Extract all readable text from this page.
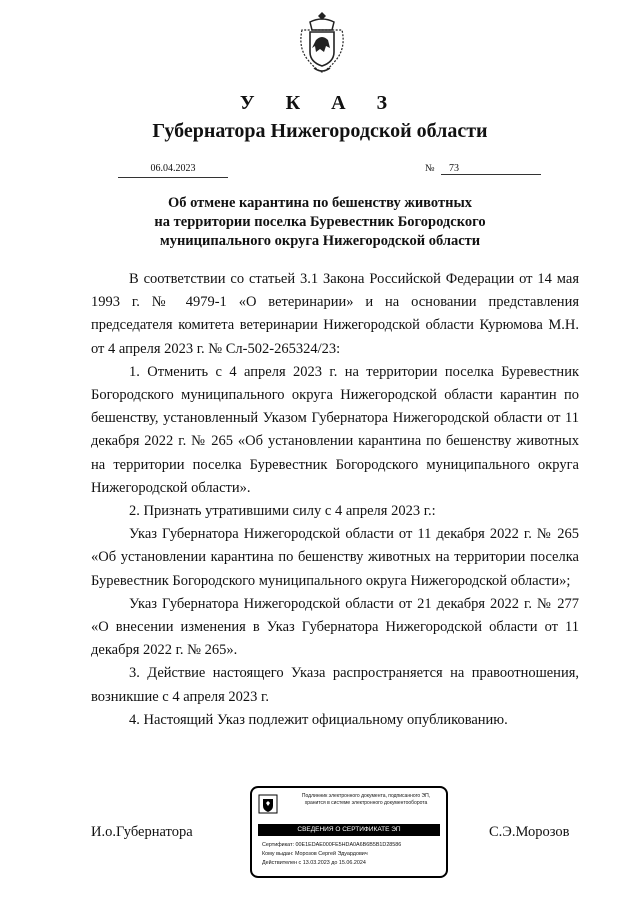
У К А З
Губернатора Нижегородской области
06.04.2023	№ 73
Об отмене карантина по бешенству животных
на территории поселка Буревестник Богородского
муниципального округа Нижегородской области

В соответствии со статьей 3.1 Закона Российской Федерации от 14 мая 1993 г. № 4979-1 «О ветеринарии» и на основании представления председателя комитета ветеринарии Нижегородской области Курюмова М.Н. от 4 апреля 2023 г. № Сл-502-265324/23:

1. Отменить с 4 апреля 2023 г. на территории поселка Буревестник Богородского муниципального округа Нижегородской области карантин по бешенству, установленный Указом Губернатора Нижегородской области от 11 декабря 2022 г. № 265 «Об установлении карантина по бешенству животных на территории поселка Буревестник Богородского муниципального округа Нижегородской области».

2. Признать утратившими силу с 4 апреля 2023 г.:

Указ Губернатора Нижегородской области от 11 декабря 2022 г. № 265 «Об установлении карантина по бешенству животных на территории поселка Буревестник Богородского муниципального округа Нижегородской области»;

Указ Губернатора Нижегородской области от 21 декабря 2022 г. № 277 «О внесении изменения в Указ Губернатора Нижегородской области от 11 декабря 2022 г. № 265».

3. Действие настоящего Указа распространяется на правоотношения, возникшие с 4 апреля 2023 г.

4. Настоящий Указ подлежит официальному опубликованию.

И.о.Губернатора	С.Э.Морозов
Подлинник электронного документа, подписанного ЭП,
хранится в системе электронного документооборота
СВЕДЕНИЯ О СЕРТИФИКАТЕ ЭП
Сертификат: 00E1EDAE000FE5HDA0A6B6B5B1D28586
Кому выдан: Морозов Сергей Эдуардович
Действителен с 13.03.2023 до 15.06.2024
